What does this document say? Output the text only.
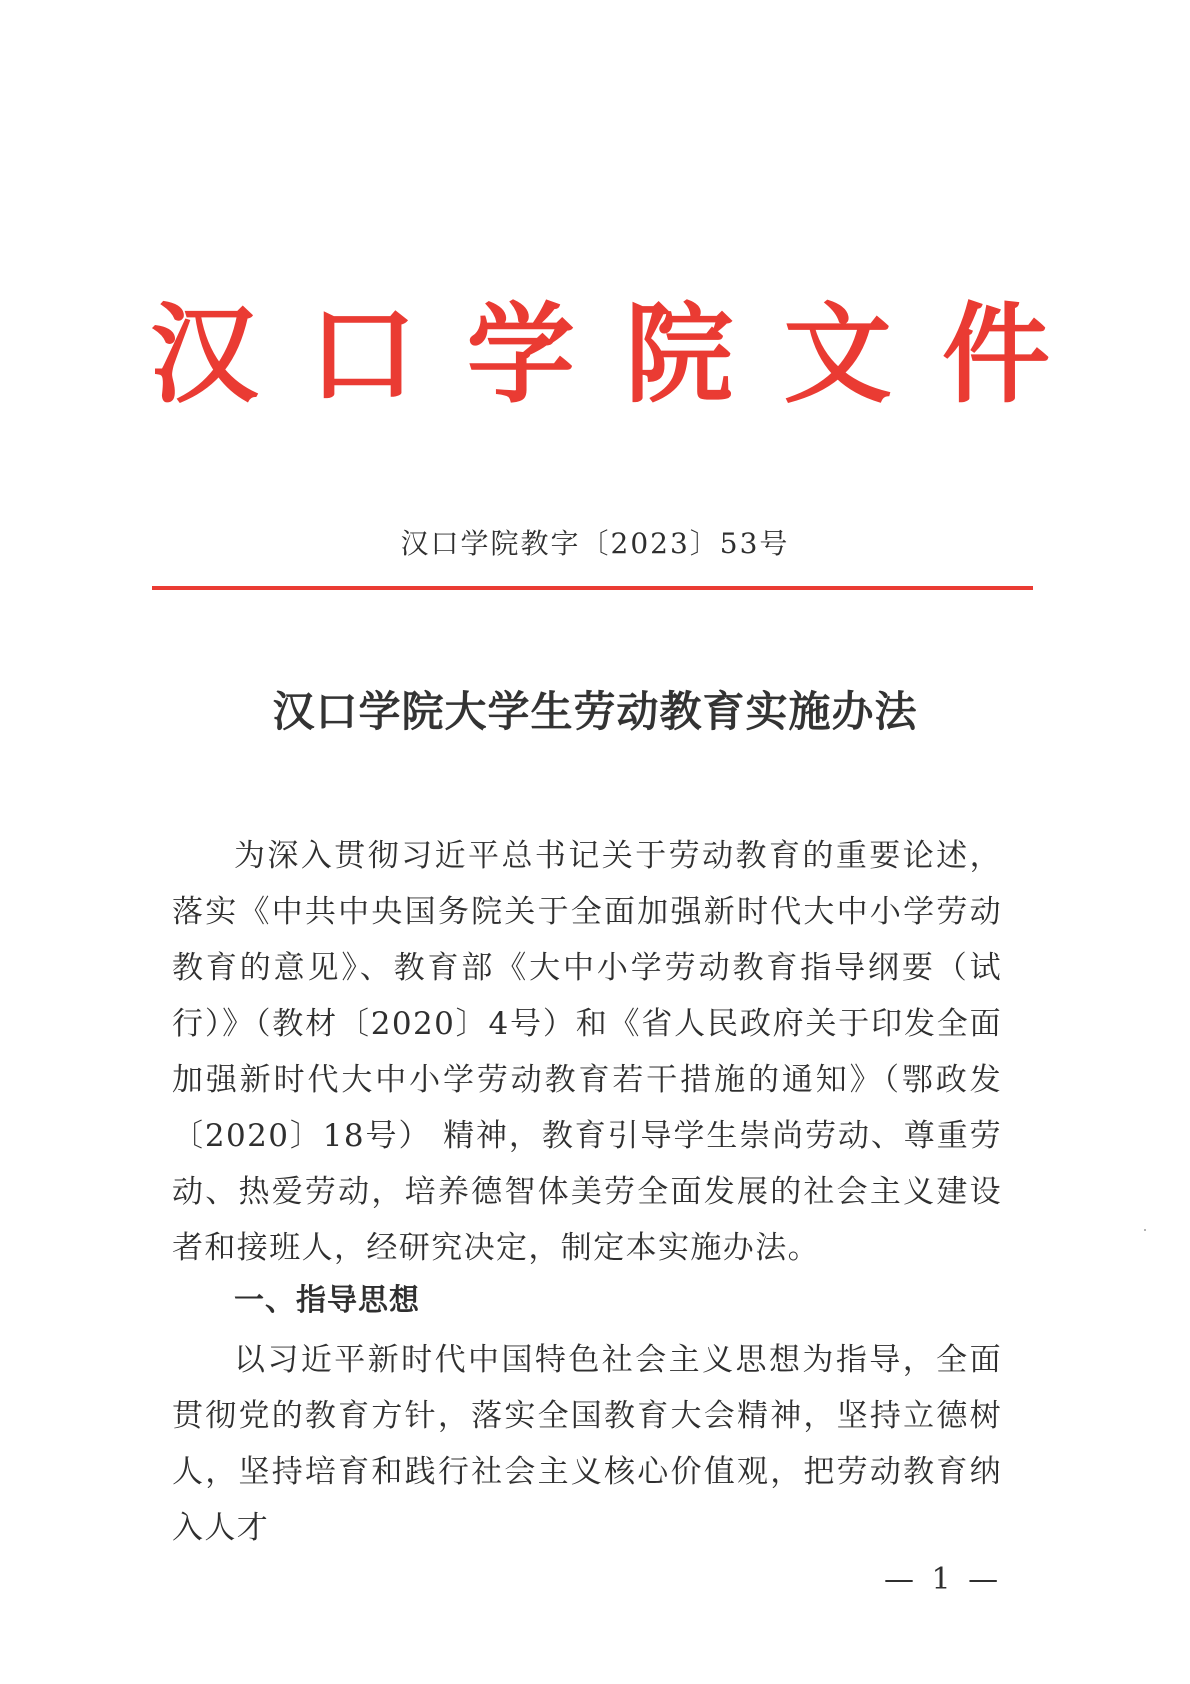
汉 口 学 院 文 件
汉口学院教字〔2023〕53号
汉口学院大学生劳动教育实施办法

为深入贯彻习近平总书记关于劳动教育的重要论述，落实《中共中央国务院关于全面加强新时代大中小学劳动教育的意见》、教育部《大中小学劳动教育指导纲要（试行）》（教材〔2020〕4号）和《省人民政府关于印发全面加强新时代大中小学劳动教育若干措施的通知》（鄂政发〔2020〕18号） 精神，教育引导学生崇尚劳动、尊重劳动、热爱劳动，培养德智体美劳全面发展的社会主义建设者和接班人，经研究决定，制定本实施办法。

一、指导思想

以习近平新时代中国特色社会主义思想为指导，全面贯彻党的教育方针，落实全国教育大会精神，坚持立德树人，坚持培育和践行社会主义核心价值观，把劳动教育纳入人才

— 1 —
